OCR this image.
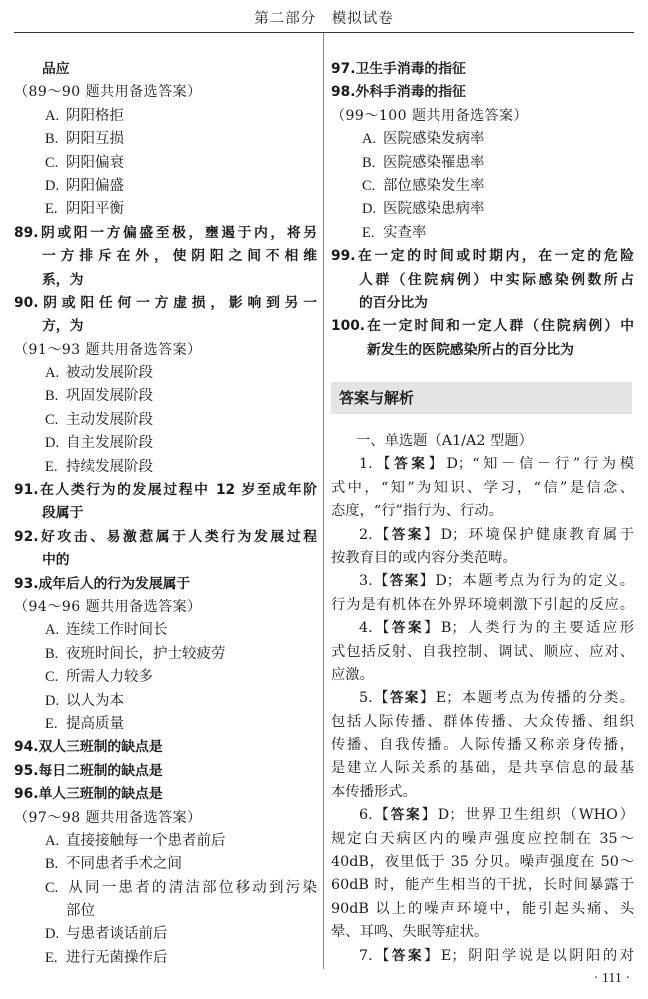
第二部分　模拟试卷
品应
（89～90 题共用备选答案）
A. 阴阳格拒
B. 阴阳互损
C. 阴阳偏衰
D. 阴阳偏盛
E. 阴阳平衡
89.阴或阳一方偏盛至极，壅遏于内，将另
一方排斥在外，使阴阳之间不相维
系，为
90.阴或阳任何一方虚损，影响到另一
方，为
（91～93 题共用备选答案）
A. 被动发展阶段
B. 巩固发展阶段
C. 主动发展阶段
D. 自主发展阶段
E. 持续发展阶段
91.在人类行为的发展过程中 12 岁至成年阶
段属于
92.好攻击、易激惹属于人类行为发展过程
中的
93.成年后人的行为发展属于
（94～96 题共用备选答案）
A. 连续工作时间长
B. 夜班时间长，护士较疲劳
C. 所需人力较多
D. 以人为本
E. 提高质量
94.双人三班制的缺点是
95.每日二班制的缺点是
96.单人三班制的缺点是
（97～98 题共用备选答案）
A. 直接接触每一个患者前后
B. 不同患者手术之间
C. 从同一患者的清洁部位移动到污染
部位
D. 与患者谈话前后
E. 进行无菌操作后
97.卫生手消毒的指征
98.外科手消毒的指征
（99～100 题共用备选答案）
A. 医院感染发病率
B. 医院感染罹患率
C. 部位感染发生率
D. 医院感染患病率
E. 实查率
99.在一定的时间或时期内，在一定的危险
人群（住院病例）中实际感染例数所占
的百分比为
100.在一定时间和一定人群（住院病例）中
新发生的医院感染所占的百分比为
答案与解析
一、单选题（A1/A2 型题）
1.【答案】D；“知－信－行”行为模
式中，“知”为知识、学习，“信”是信念、
态度，“行”指行为、行动。
2.【答案】D；环境保护健康教育属于
按教育目的或内容分类范畴。
3.【答案】D；本题考点为行为的定义。
行为是有机体在外界环境刺激下引起的反应。
4.【答案】B；人类行为的主要适应形
式包括反射、自我控制、调试、顺应、应对、
应激。
5.【答案】E；本题考点为传播的分类。
包括人际传播、群体传播、大众传播、组织
传播、自我传播。人际传播又称亲身传播，
是建立人际关系的基础，是共享信息的最基
本传播形式。
6.【答案】D；世界卫生组织（WHO）
规定白天病区内的噪声强度应控制在 35～
40dB，夜里低于 35 分贝。噪声强度在 50～
60dB 时，能产生相当的干扰，长时间暴露于
90dB 以上的噪声环境中，能引起头痛、头
晕、耳鸣、失眠等症状。
7.【答案】E；阴阳学说是以阴阳的对
· 111 ·
